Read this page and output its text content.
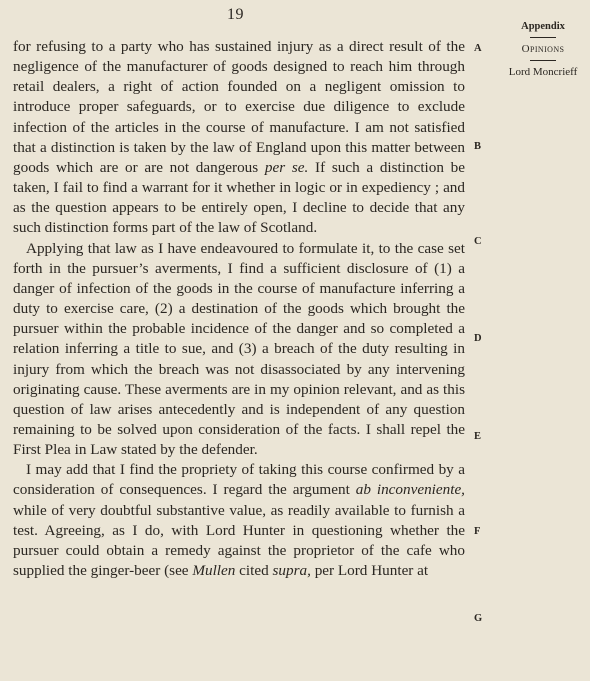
19
Appendix
Opinions
Lord Moncrieff
A
B
C
D
E
F
G

for refusing to a party who has sustained injury as a direct result of the negligence of the manufacturer of goods designed to reach him through retail dealers, a right of action founded on a negligent omission to introduce proper safeguards, or to exercise due diligence to exclude infection of the articles in the course of manufacture. I am not satisfied that a distinction is taken by the law of England upon this matter between goods which are or are not dangerous per se. If such a distinction be taken, I fail to find a warrant for it whether in logic or in expediency ; and as the question appears to be entirely open, I decline to decide that any such distinction forms part of the law of Scotland.

Applying that law as I have endeavoured to formulate it, to the case set forth in the pursuer’s averments, I find a sufficient disclosure of (1) a danger of infection of the goods in the course of manufacture inferring a duty to exercise care, (2) a destination of the goods which brought the pursuer within the probable incidence of the danger and so completed a relation inferring a title to sue, and (3) a breach of the duty resulting in injury from which the breach was not disassociated by any intervening originating cause. These averments are in my opinion relevant, and as this question of law arises antecedently and is independent of any question remaining to be solved upon consideration of the facts. I shall repel the First Plea in Law stated by the defender.

I may add that I find the propriety of taking this course confirmed by a consideration of consequences. I regard the argument ab inconveniente, while of very doubtful substantive value, as readily available to furnish a test. Agreeing, as I do, with Lord Hunter in questioning whether the pursuer could obtain a remedy against the proprietor of the cafe who supplied the ginger-beer (see Mullen cited supra, per Lord Hunter at
